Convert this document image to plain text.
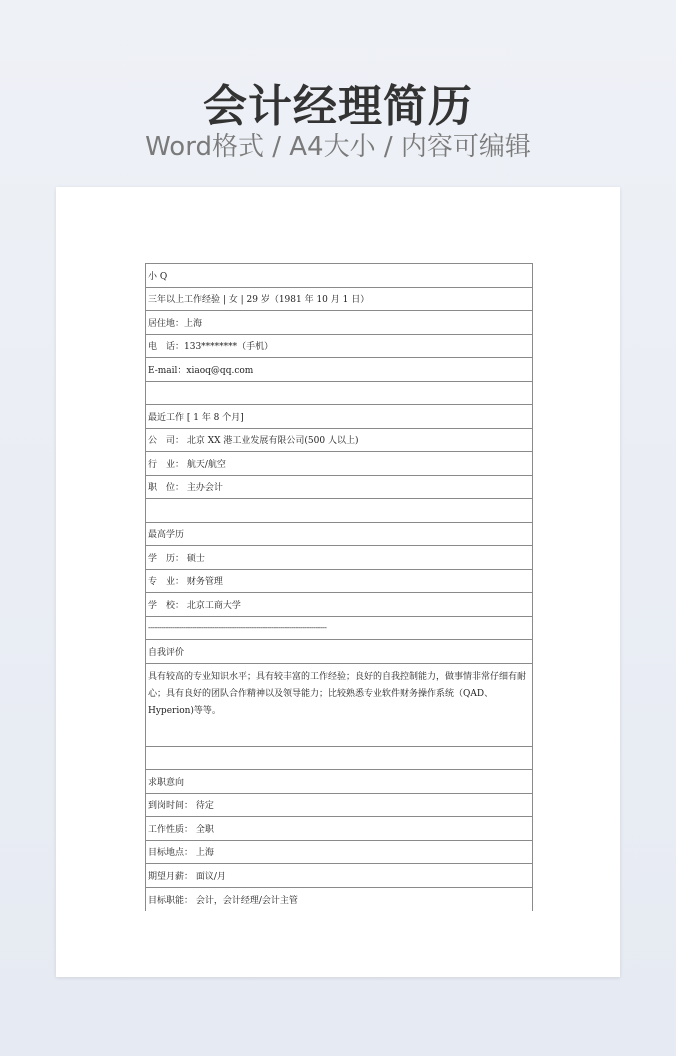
会计经理简历
Word格式 / A4大小 / 内容可编辑
小 Q
三年以上工作经验 | 女 | 29 岁（1981 年 10 月 1 日）
居住地：上海
电　话：133********（手机）
E-mail：xiaoq@qq.com
最近工作 [ 1 年 8 个月]
公　司： 北京 XX 港工业发展有限公司(500 人以上)
行　业： 航天/航空
职　位： 主办会计
最高学历
学　历： 硕士
专　业： 财务管理
学　校： 北京工商大学
---------------------------------------------------------------------------------
自我评价
具有较高的专业知识水平；具有较丰富的工作经验；良好的自我控制能力，做事情非常仔细有耐心；具有良好的团队合作精神以及领导能力；比较熟悉专业软件财务操作系统（QAD、Hyperion)等等。
求职意向
到岗时间： 待定
工作性质： 全职
目标地点： 上海
期望月薪： 面议/月
目标职能： 会计，会计经理/会计主管
